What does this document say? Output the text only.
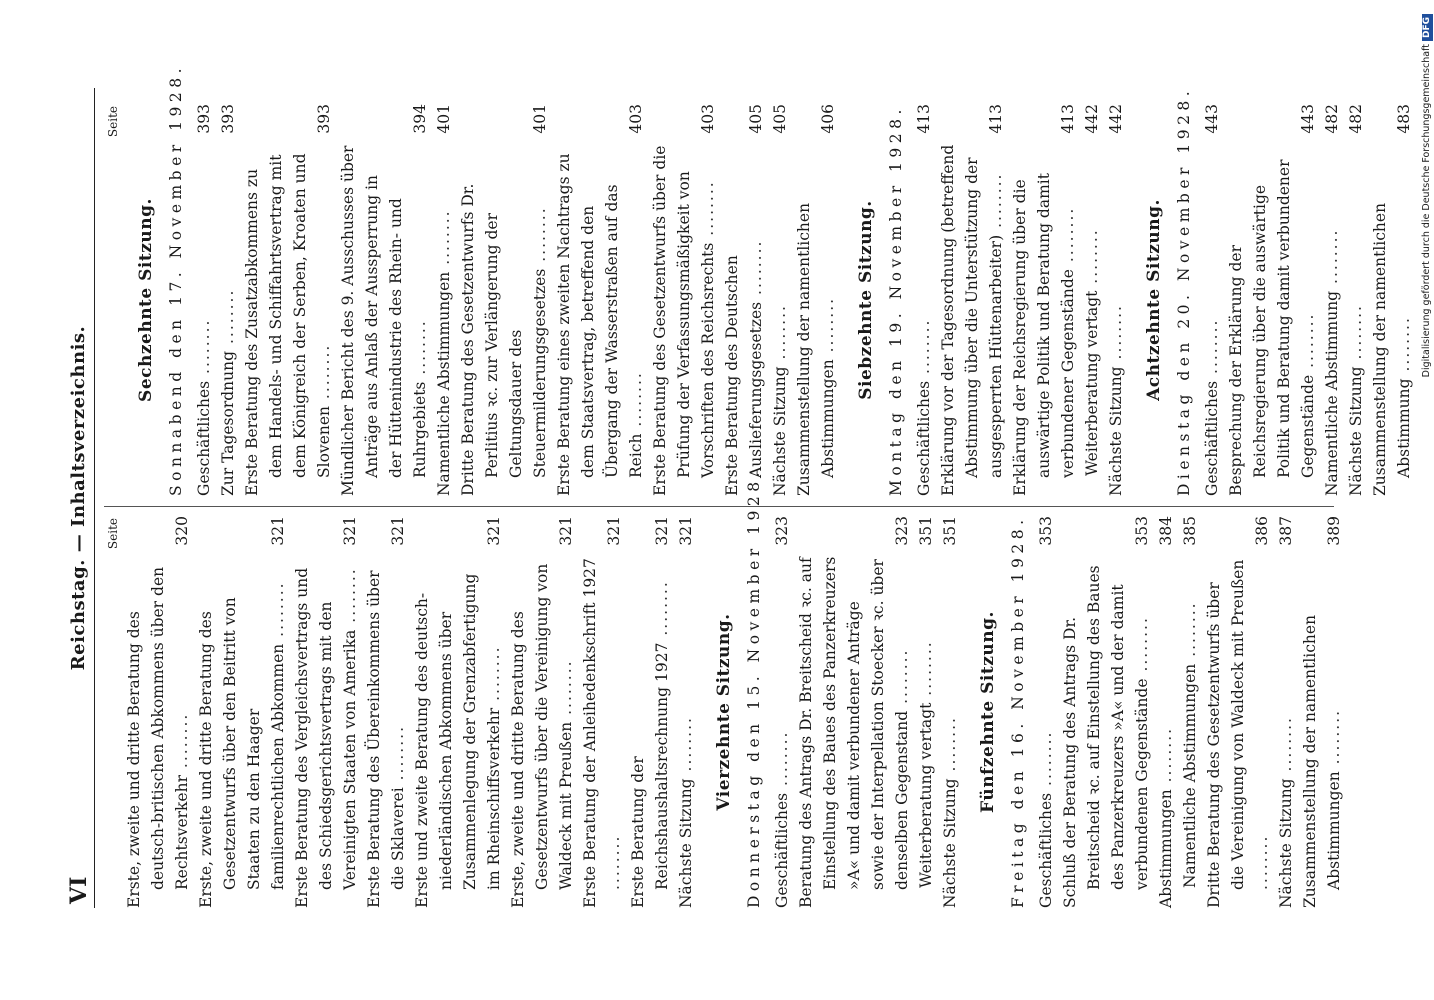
VI
Reichstag. — Inhaltsverzeichnis. Seite
Erste, zweite und dritte Beratung des deutsch-britischen Abkommens über den Rechtsverkehr ........
320
Erste, zweite und dritte Beratung des Gesetzentwurfs über den Beitritt von Staaten zu den Haager familienrechtlichen Abkommen ........
321
Erste Beratung des Vergleichsvertrags und des Schiedsgerichtsvertrags mit den Vereinigten Staaten von Amerika ........
321
Erste Beratung des Übereinkommens über die Sklaverei ........
321
Erste und zweite Beratung des deutsch-niederländischen Abkommens über Zusammenlegung der Grenzabfertigung im Rheinschiffsverkehr ........
321
Erste, zweite und dritte Beratung des Gesetzentwurfs über die Vereinigung von Waldeck mit Preußen ........
321
Erste Beratung der Anleihedenkschrift 1927 ........
321
Erste Beratung der Reichshaushaltsrechnung 1927 ........
321
Nächste Sitzung ........
321
Vierzehnte Sitzung. Donnerstag den 15. November 1928. Geschäftliches ........
323
Beratung des Antrags Dr. Breitscheid ꝛc. auf Einstellung des Baues des Panzerkreuzers »A« und damit verbundener Anträge sowie der Interpellation Stoecker ꝛc. über denselben Gegenstand ........
323
Weiterberatung vertagt ........
351
Nächste Sitzung ........
351
Fünfzehnte Sitzung. Freitag den 16. November 1928. Geschäftliches ........
353
Schluß der Beratung des Antrags Dr. Breitscheid ꝛc. auf Einstellung des Baues des Panzerkreuzers »A« und der damit verbundenen Gegenstände ........
353
Abstimmungen ........
384
Namentliche Abstimmungen ........
385
Dritte Beratung des Gesetzentwurfs über die Vereinigung von Waldeck mit Preußen ........
386
Nächste Sitzung ........
387
Zusammenstellung der namentlichen Abstimmungen ........
389
Seite
Sechzehnte Sitzung. Sonnabend den 17. November 1928. Geschäftliches ........
393
Zur Tagesordnung ........
393
Erste Beratung des Zusatzabkommens zu dem Handels- und Schiffahrtsvertrag mit dem Königreich der Serben, Kroaten und Slovenen ........
393
Mündlicher Bericht des 9. Ausschusses über Anträge aus Anlaß der Aussperrung in der Hüttenindustrie des Rhein- und Ruhrgebiets ........
394
Namentliche Abstimmungen ........
401
Dritte Beratung des Gesetzentwurfs Dr. Perlitius ꝛc. zur Verlängerung der Geltungsdauer des Steuermilderungsgesetzes ........
401
Erste Beratung eines zweiten Nachtrags zu dem Staatsvertrag, betreffend den Übergang der Wasserstraßen auf das Reich ........
403
Erste Beratung des Gesetzentwurfs über die Prüfung der Verfassungsmäßigkeit von Vorschriften des Reichsrechts ........
403
Erste Beratung des Deutschen Auslieferungsgesetzes ........
405
Nächste Sitzung ........
405
Zusammenstellung der namentlichen Abstimmungen ........
406
Siebzehnte Sitzung. Montag den 19. November 1928. Geschäftliches ........
413
Erklärung vor der Tagesordnung (betreffend Abstimmung über die Unterstützung der ausgesperrten Hüttenarbeiter) ........
413
Erklärung der Reichsregierung über die auswärtige Politik und Beratung damit verbundener Gegenstände ........
413
Weiterberatung vertagt ........
442
Nächste Sitzung ........
442
Achtzehnte Sitzung. Dienstag den 20. November 1928. Geschäftliches ........
443
Besprechung der Erklärung der Reichsregierung über die auswärtige Politik und Beratung damit verbundener Gegenstände ........
443
Namentliche Abstimmung ........
482
Nächste Sitzung ........
482
Zusammenstellung der namentlichen Abstimmung ........
483 Digitalisierung gefördert durch die Deutsche ForschungsgemeinschaftDFG
